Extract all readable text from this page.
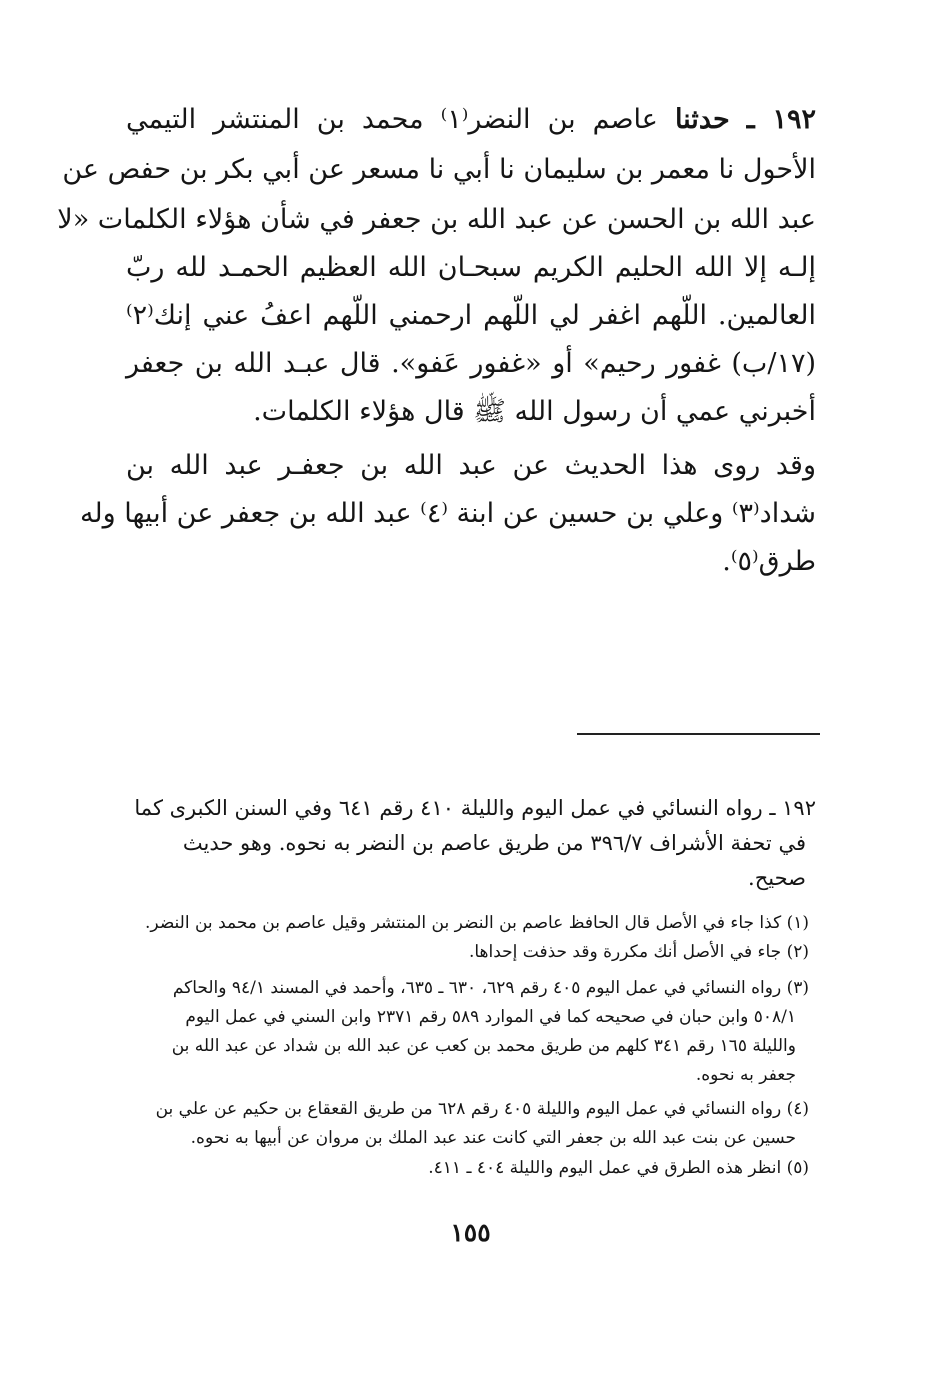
١٩٢ ـ حدثنا عاصم بن النضر⁽١⁾ محمد بن المنتشر التيمي
الأحول نا معمر بن سليمان نا أبي نا مسعر عن أبي بكر بن حفص عن
عبد الله بن الحسن عن عبد الله بن جعفر في شأن هؤلاء الكلمات «لا
إلـه إلا الله الحليم الكريم سبحـان الله العظيم الحمـد لله ربّ
العالمين. اللّهم اغفر لي اللّهم ارحمني اللّهم اعفُ عني إنك⁽٢⁾
(١٧/ب) غفور رحيم» أو «غفور عَفو». قال عبـد الله بن جعفر
أخبرني عمي أن رسول الله ﷺ قال هؤلاء الكلمات.
وقد روى هذا الحديث عن عبد الله بن جعفـر عبد الله بن
شداد⁽٣⁾ وعلي بن حسين عن ابنة ⁽٤⁾ عبد الله بن جعفر عن أبيها وله
طرق⁽٥⁾.
١٩٢ ـ رواه النسائي في عمل اليوم والليلة ٤١٠ رقم ٦٤١ وفي السنن الكبرى كما
في تحفة الأشراف ٣٩٦/٧ من طريق عاصم بن النضر به نحوه. وهو حديث
صحيح.
(١) كذا جاء في الأصل قال الحافظ عاصم بن النضر بن المنتشر وقيل عاصم بن محمد بن النضر.
(٢) جاء في الأصل أنك مكررة وقد حذفت إحداها.
(٣) رواه النسائي في عمل اليوم ٤٠٥ رقم ٦٢٩، ٦٣٠ ـ ٦٣٥، وأحمد في المسند ٩٤/١ والحاكم
٥٠٨/١ وابن حبان في صحيحه كما في الموارد ٥٨٩ رقم ٢٣٧١ وابن السني في عمل اليوم
والليلة ١٦٥ رقم ٣٤١ كلهم من طريق محمد بن كعب عن عبد الله بن شداد عن عبد الله بن
جعفر به نحوه.
(٤) رواه النسائي في عمل اليوم والليلة ٤٠٥ رقم ٦٢٨ من طريق القعقاع بن حكيم عن علي بن
حسين عن بنت عبد الله بن جعفر التي كانت عند عبد الملك بن مروان عن أبيها به نحوه.
(٥) انظر هذه الطرق في عمل اليوم والليلة ٤٠٤ ـ ٤١١.
١٥٥
